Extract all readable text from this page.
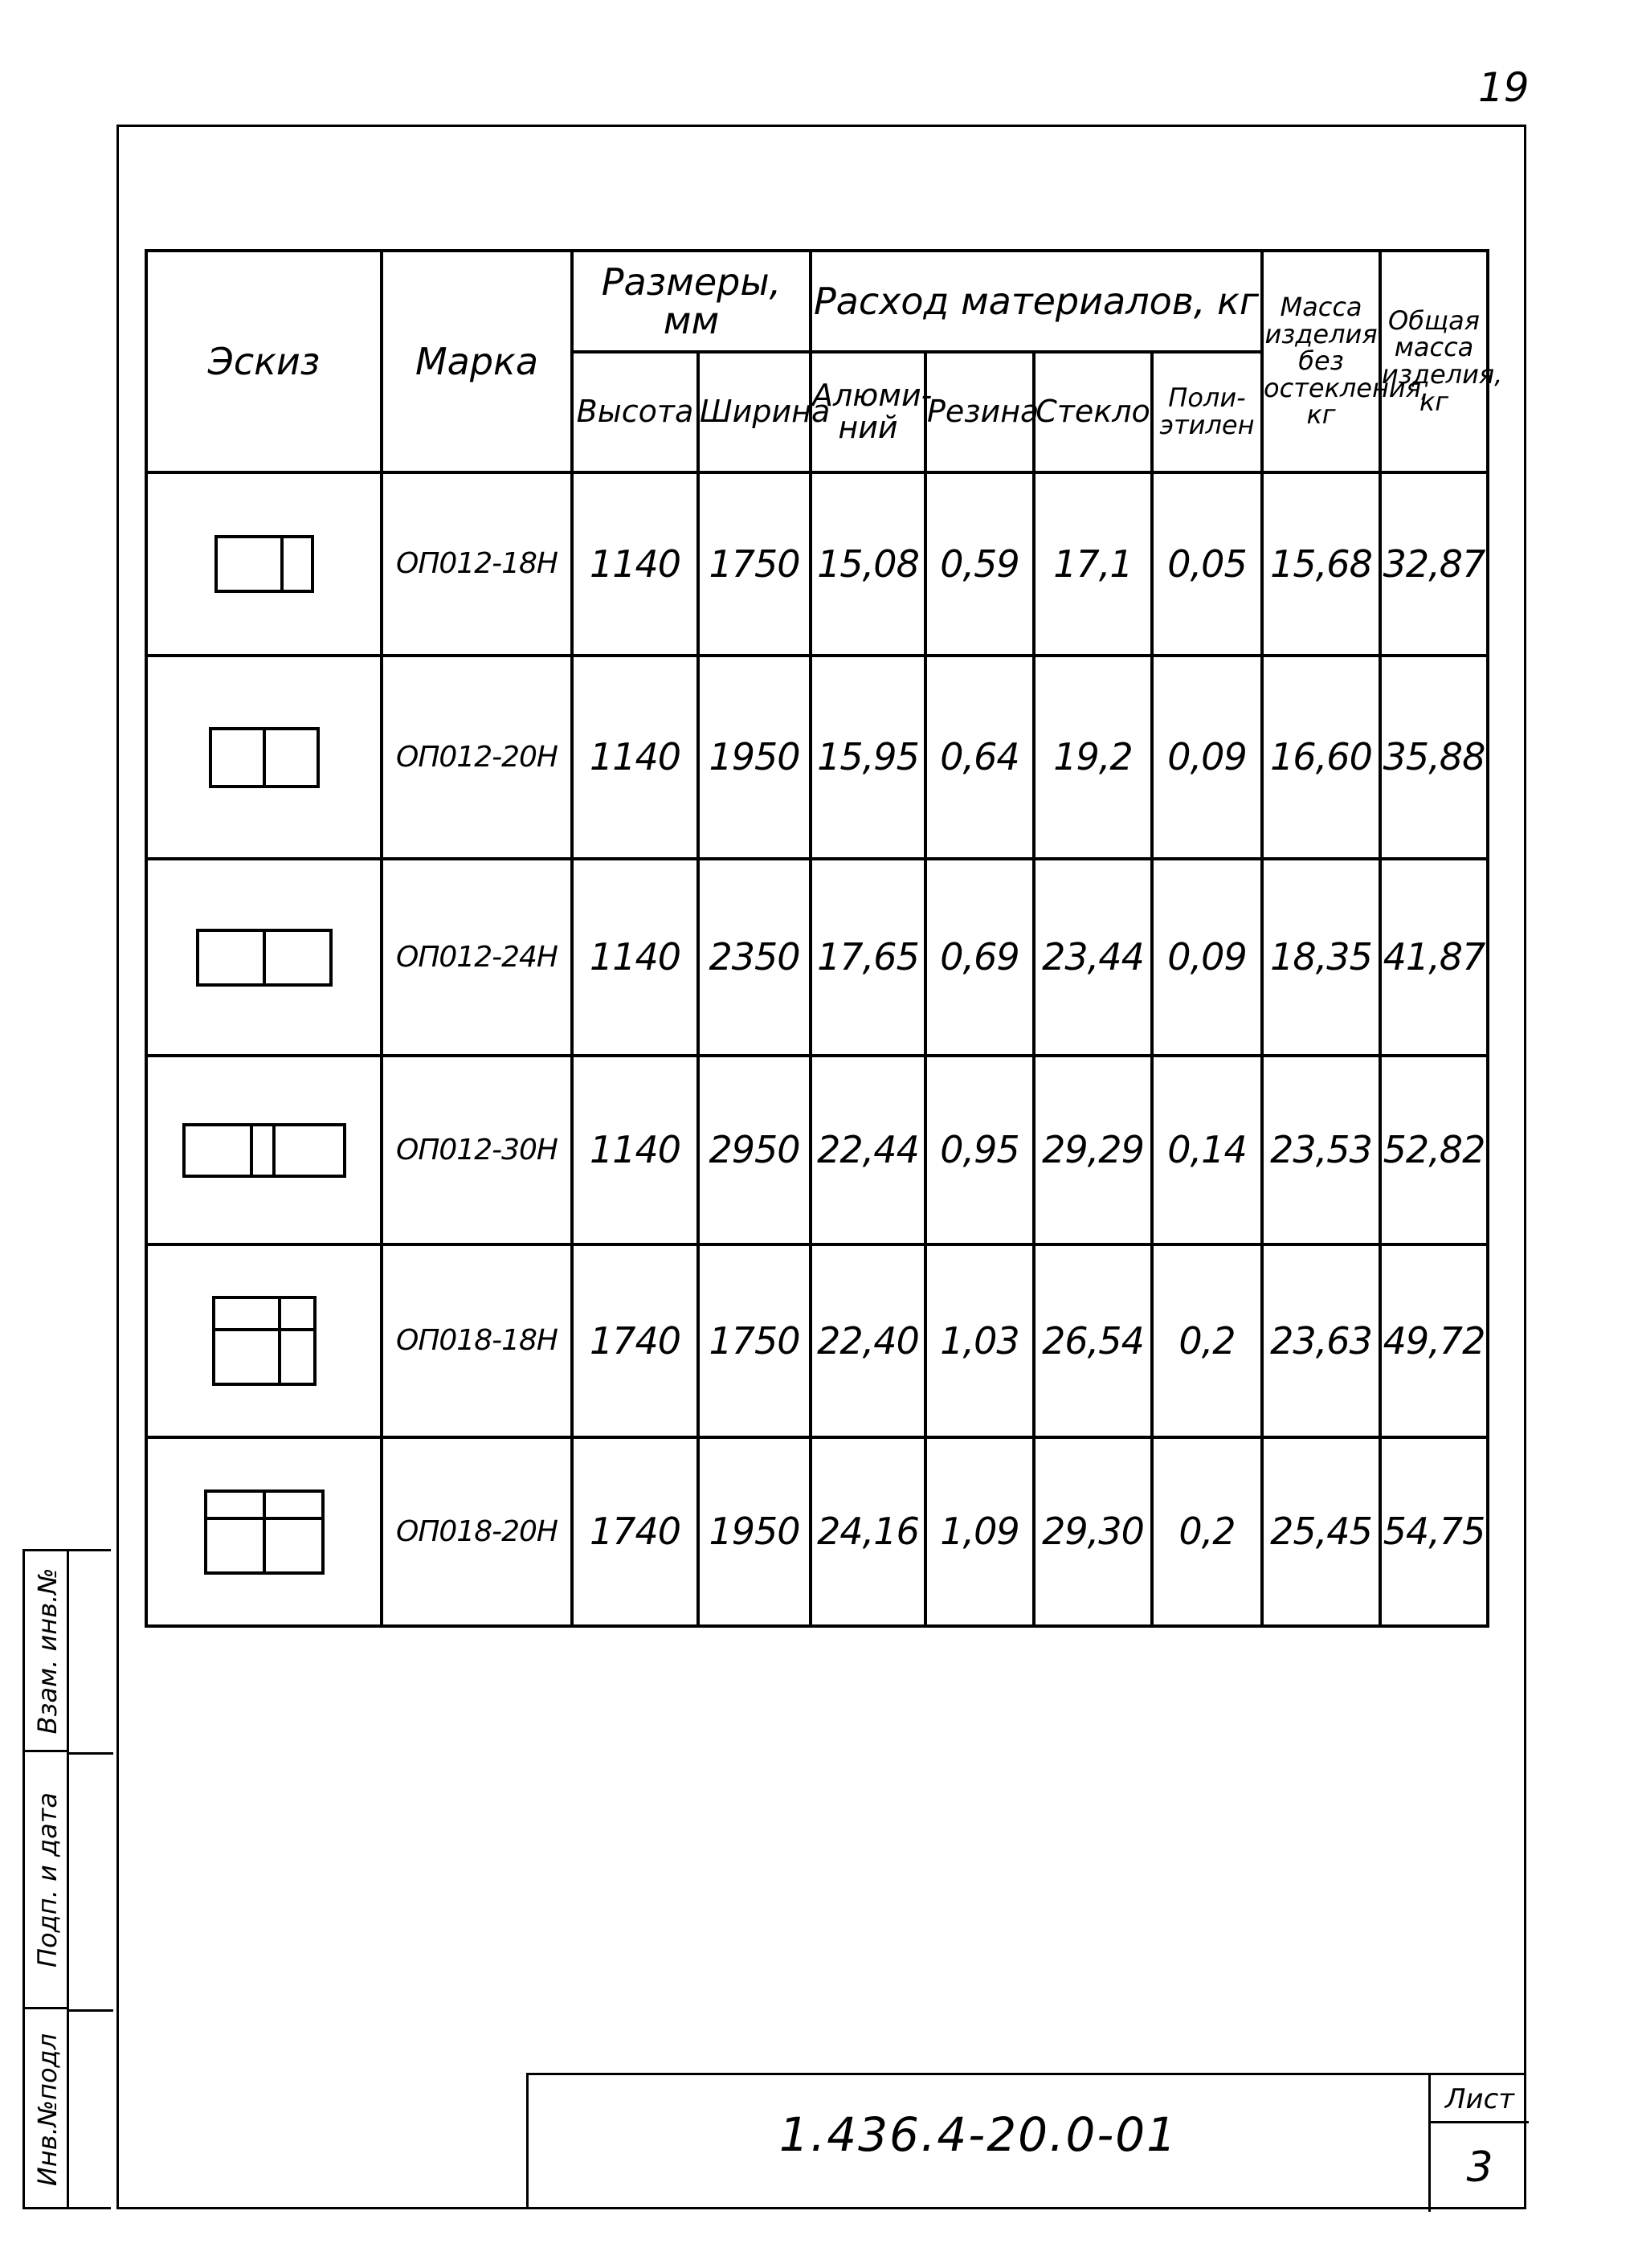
19
Эскиз	Марка	Размеры, мм		Расход материалов, кг				Масса изделия без остекления, кг	Общая масса изделия, кг
		Высота	Ширина	Алюми-ний	Резина	Стекло	Поли-этилен		

	ОП012-18Н	1140	1750	15,08	0,59	17,1	0,05	15,68	32,87

	ОП012-20Н	1140	1950	15,95	0,64	19,2	0,09	16,60	35,88

	ОП012-24Н	1140	2350	17,65	0,69	23,44	0,09	18,35	41,87

	ОП012-30Н	1140	2950	22,44	0,95	29,29	0,14	23,53	52,82

	ОП018-18Н	1740	1750	22,40	1,03	26,54	0,2	23,63	49,72

	ОП018-20Н	1740	1950	24,16	1,09	29,30	0,2	25,45	54,75
Взам. инв.№
Подп. и дата
Инв.№подл	1.436.4-20.0-01
Лист
3
